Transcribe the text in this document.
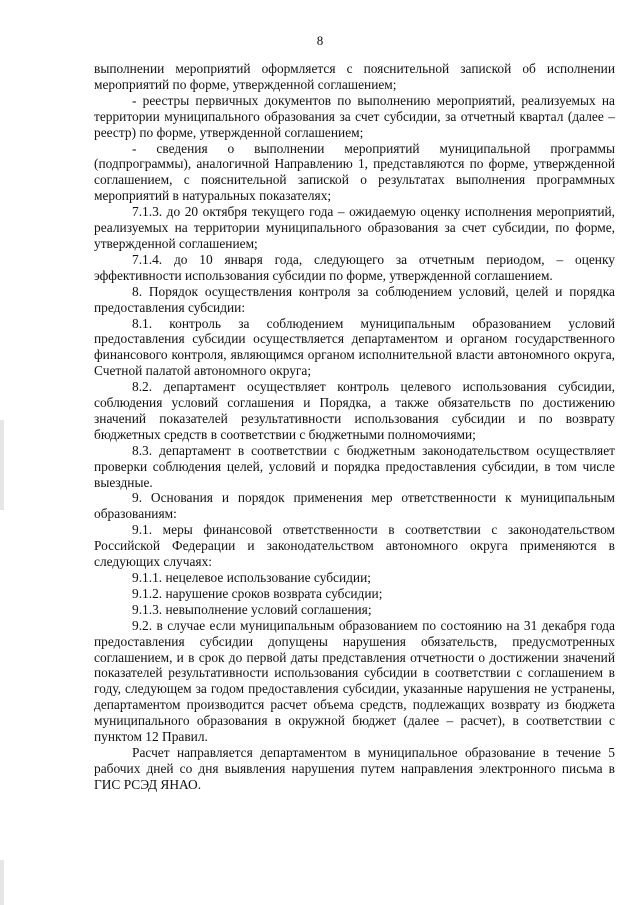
8

выполнении мероприятий оформляется с пояснительной запиской об исполнении мероприятий по форме, утвержденной соглашением;

- реестры первичных документов по выполнению мероприятий, реализуемых на территории муниципального образования за счет субсидии, за отчетный квартал (далее – реестр) по форме, утвержденной соглашением;

- сведения о выполнении мероприятий муниципальной программы (подпрограммы), аналогичной Направлению 1, представляются по форме, утвержденной соглашением, с пояснительной запиской о результатах выполнения программных мероприятий в натуральных показателях;

7.1.3. до 20 октября текущего года – ожидаемую оценку исполнения мероприятий, реализуемых на территории муниципального образования за счет субсидии, по форме, утвержденной соглашением;

7.1.4. до 10 января года, следующего за отчетным периодом, – оценку эффективности использования субсидии по форме, утвержденной соглашением.

8. Порядок осуществления контроля за соблюдением условий, целей и порядка предоставления субсидии:

8.1. контроль за соблюдением муниципальным образованием условий предоставления субсидии осуществляется департаментом и органом государственного финансового контроля, являющимся органом исполнительной власти автономного округа, Счетной палатой автономного округа;

8.2. департамент осуществляет контроль целевого использования субсидии, соблюдения условий соглашения и Порядка, а также обязательств по достижению значений показателей результативности использования субсидии и по возврату бюджетных средств в соответствии с бюджетными полномочиями;

8.3. департамент в соответствии с бюджетным законодательством осуществляет проверки соблюдения целей, условий и порядка предоставления субсидии, в том числе выездные.

9. Основания и порядок применения мер ответственности к муниципальным образованиям:

9.1. меры финансовой ответственности в соответствии с законодательством Российской Федерации и законодательством автономного округа применяются в следующих случаях:

9.1.1. нецелевое использование субсидии;

9.1.2. нарушение сроков возврата субсидии;

9.1.3. невыполнение условий соглашения;

9.2. в случае если муниципальным образованием по состоянию на 31 декабря года предоставления субсидии допущены нарушения обязательств, предусмотренных соглашением, и в срок до первой даты представления отчетности о достижении значений показателей результативности использования субсидии в соответствии с соглашением в году, следующем за годом предоставления субсидии, указанные нарушения не устранены, департаментом производится расчет объема средств, подлежащих возврату из бюджета муниципального образования в окружной бюджет (далее – расчет), в соответствии с пунктом 12 Правил.

Расчет направляется департаментом в муниципальное образование в течение 5 рабочих дней со дня выявления нарушения путем направления электронного письма в ГИС РСЭД ЯНАО.
